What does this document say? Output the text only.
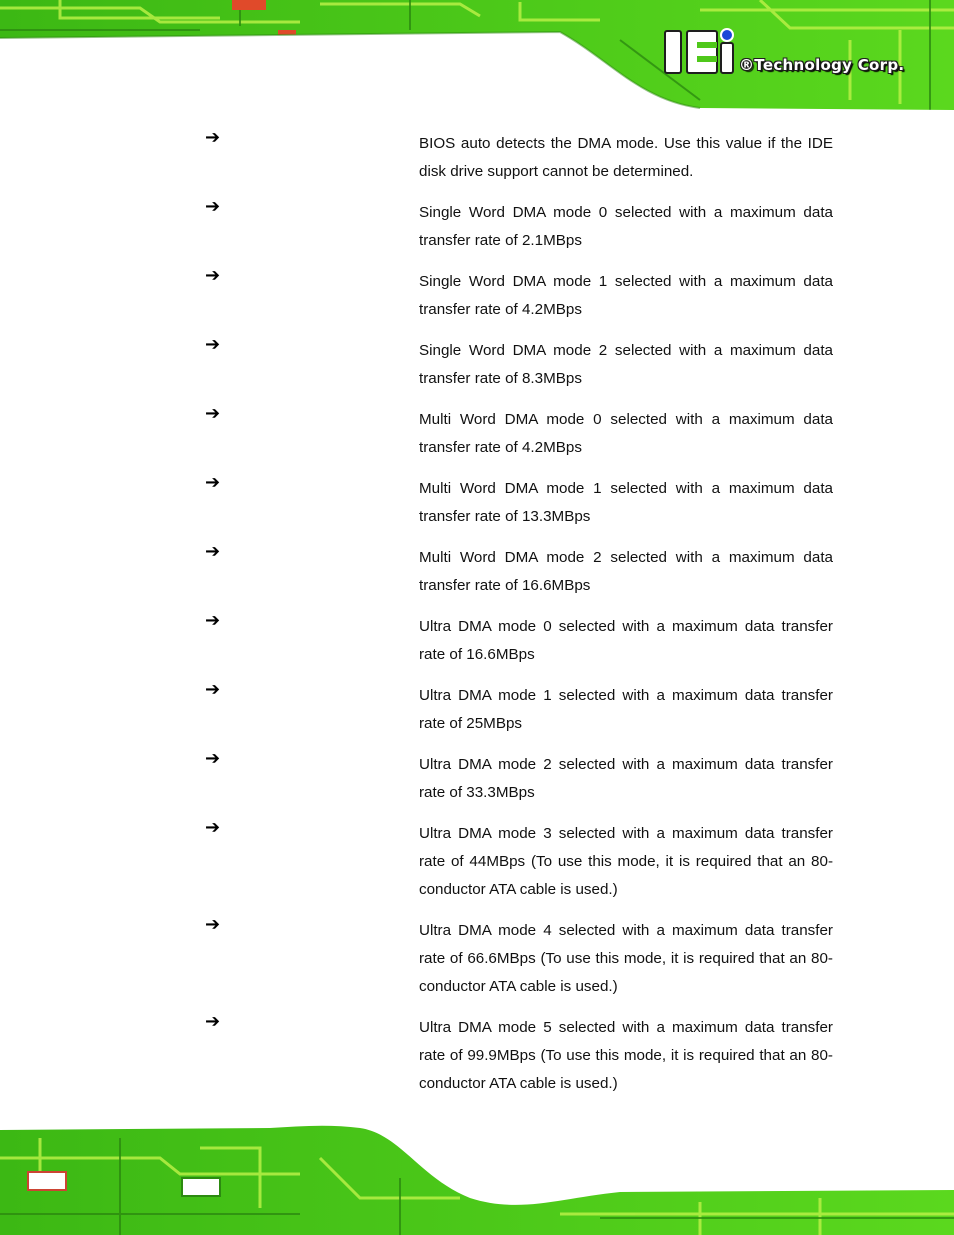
®Technology Corp.
➔	BIOS auto detects the DMA mode. Use this value if the IDE disk drive support cannot be determined.
➔	Single Word DMA mode 0 selected with a maximum data transfer rate of 2.1MBps
➔	Single Word DMA mode 1 selected with a maximum data transfer rate of 4.2MBps
➔	Single Word DMA mode 2 selected with a maximum data transfer rate of 8.3MBps
➔	Multi Word DMA mode 0 selected with a maximum data transfer rate of 4.2MBps
➔	Multi Word DMA mode 1 selected with a maximum data transfer rate of 13.3MBps
➔	Multi Word DMA mode 2 selected with a maximum data transfer rate of 16.6MBps
➔	Ultra DMA mode 0 selected with a maximum data transfer rate of 16.6MBps
➔	Ultra DMA mode 1 selected with a maximum data transfer rate of 25MBps
➔	Ultra DMA mode 2 selected with a maximum data transfer rate of 33.3MBps
➔	Ultra DMA mode 3 selected with a maximum data transfer rate of 44MBps (To use this mode, it is required that an 80-conductor ATA cable is used.)
➔	Ultra DMA mode 4 selected with a maximum data transfer rate of 66.6MBps (To use this mode, it is required that an 80-conductor ATA cable is used.)
➔	Ultra DMA mode 5 selected with a maximum data transfer rate of 99.9MBps (To use this mode, it is required that an 80-conductor ATA cable is used.)
